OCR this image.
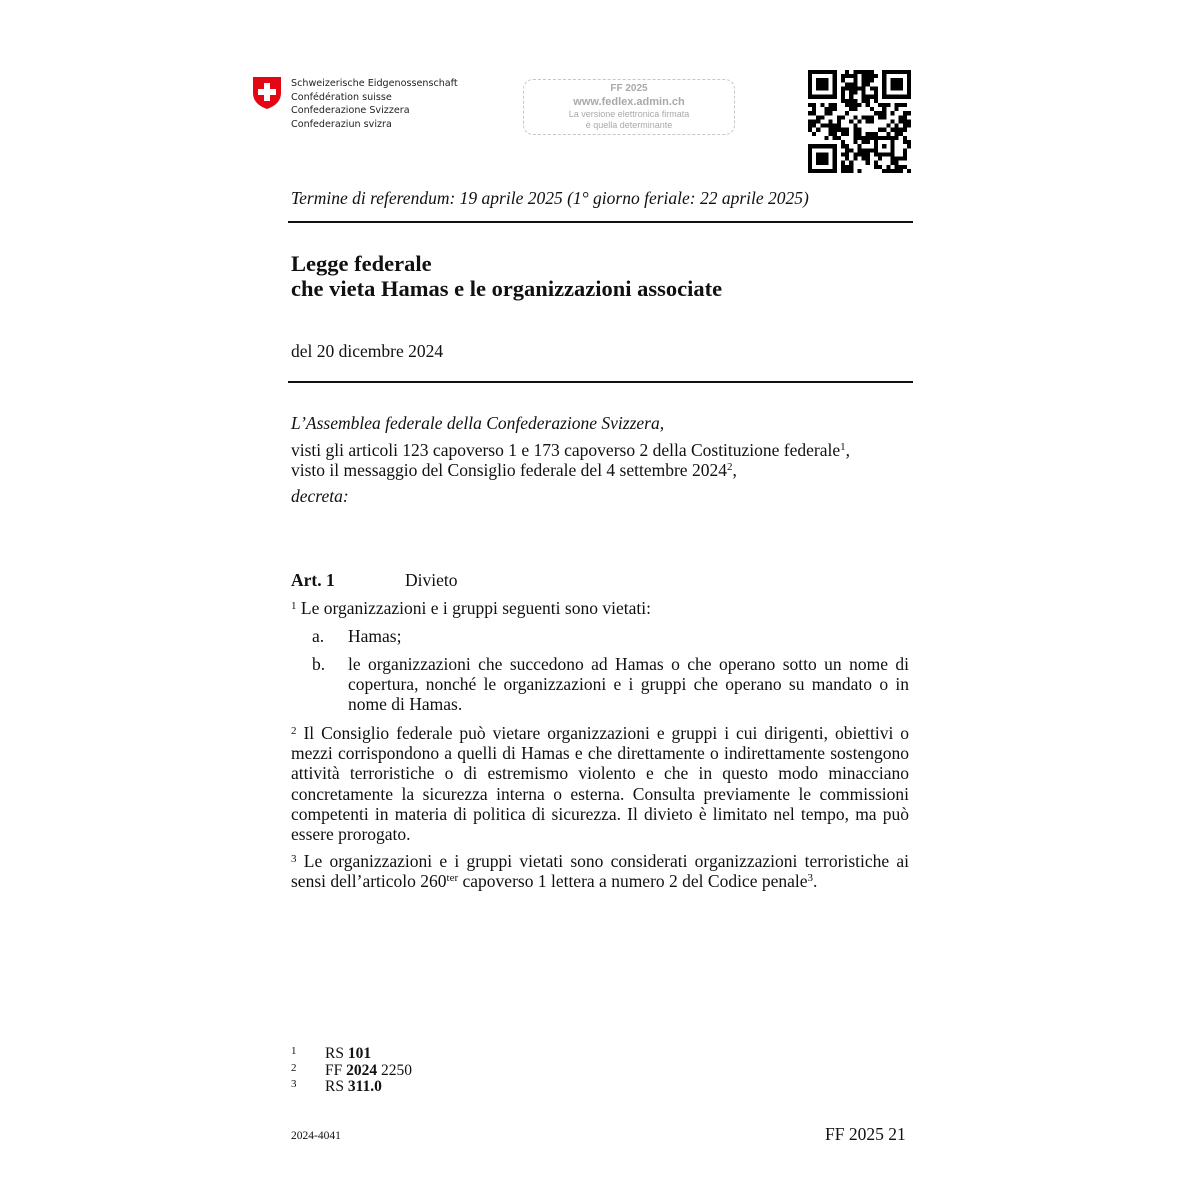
Schweizerische Eidgenossenschaft
Confédération suisse
Confederazione Svizzera
Confederaziun svizra
FF 2025
www.fedlex.admin.ch
La versione elettronica firmata
è quella determinante
Termine di referendum: 19 aprile 2025 (1° giorno feriale: 22 aprile 2025)
Legge federale
che vieta Hamas e le organizzazioni associate
del 20 dicembre 2024
L’Assemblea federale della Confederazione Svizzera,
visti gli articoli 123 capoverso 1 e 173 capoverso 2 della Costituzione federale$^1$,
visto il messaggio del Consiglio federale del 4 settembre 2024$^2$,
decreta:
Art. 1	Divieto
$^1$ Le organizzazioni e i gruppi seguenti sono vietati:
a. Hamas;
b. le organizzazioni che succedono ad Hamas o che operano sotto un nome di copertura, nonché le organizzazioni e i gruppi che operano su mandato o in nome di Hamas.
$^2$ Il Consiglio federale può vietare organizzazioni e gruppi i cui dirigenti, obiettivi o mezzi corrispondono a quelli di Hamas e che direttamente o indirettamente sostengono attività terroristiche o di estremismo violento e che in questo modo minacciano concretamente la sicurezza interna o esterna. Consulta previamente le commissioni competenti in materia di politica di sicurezza. Il divieto è limitato nel tempo, ma può essere prorogato.
$^3$ Le organizzazioni e i gruppi vietati sono considerati organizzazioni terroristiche ai sensi dell’articolo 260$^{ter}$ capoverso 1 lettera a numero 2 del Codice penale$^3$.
1 RS 101
2 FF 2024 2250
3 RS 311.0
2024-4041	FF 2025 21
